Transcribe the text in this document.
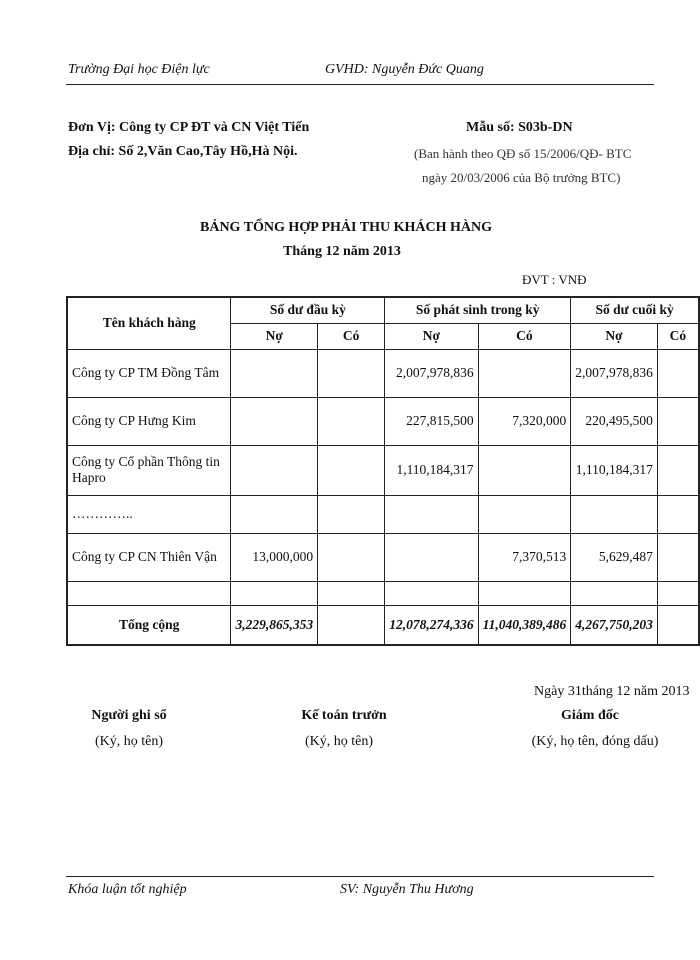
Trường Đại học Điện lực	GVHD: Nguyễn Đức Quang
Đơn Vị: Công ty CP ĐT và CN Việt Tiến
Địa chỉ: Số 2,Văn Cao,Tây Hồ,Hà Nội.
Mẫu số: S03b-DN
(Ban hành theo QĐ số 15/2006/QĐ- BTC
ngày 20/03/2006 của Bộ trưởng BTC)
BẢNG TỔNG HỢP PHẢI THU KHÁCH HÀNG
Tháng 12 năm 2013
ĐVT : VNĐ
Tên khách hàng	Số dư đầu kỳ		Số phát sinh trong kỳ		Số dư cuối kỳ	
	Nợ	Có	Nợ	Có	Nợ	Có
Công ty CP TM Đồng Tâm			2,007,978,836		2,007,978,836	
Công ty CP Hưng Kim			227,815,500	7,320,000	220,495,500	
Công ty Cổ phần Thông tin Hapro			1,110,184,317		1,110,184,317	
…………..						
Công ty CP CN Thiên Vận	13,000,000			7,370,513	5,629,487	

Tổng cộng	3,229,865,353		12,078,274,336	11,040,389,486	4,267,750,203	
Ngày 31tháng 12 năm 2013
Người ghi sổ
(Ký, họ tên)
Kế toán trưởn
(Ký, họ tên)
Giám đốc
(Ký, họ tên, đóng dấu)
Khóa luận tốt nghiệp	SV: Nguyễn Thu Hương
